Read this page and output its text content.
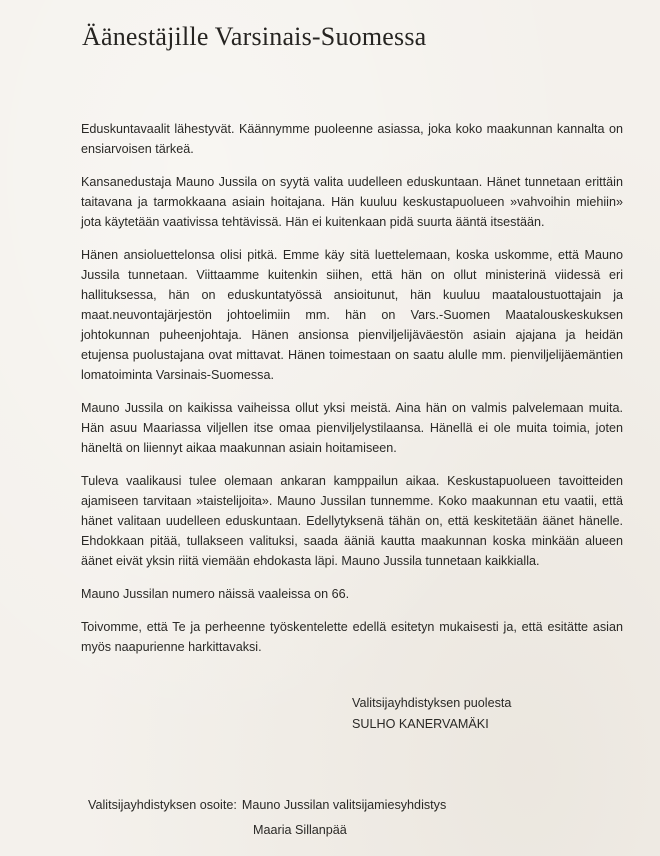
Äänestäjille Varsinais-Suomessa

Eduskuntavaalit lähestyvät. Käännymme puoleenne asiassa, joka koko maakunnan kannalta on ensiarvoisen tärkeä.

Kansanedustaja Mauno Jussila on syytä valita uudelleen eduskuntaan. Hänet tunnetaan erittäin taitavana ja tarmokkaana asiain hoitajana. Hän kuuluu keskustapuolueen »vahvoihin miehiin» jota käytetään vaativissa tehtävissä. Hän ei kuitenkaan pidä suurta ääntä itsestään.

Hänen ansioluettelonsa olisi pitkä. Emme käy sitä luettelemaan, koska uskomme, että Mauno Jussila tunnetaan. Viittaamme kuitenkin siihen, että hän on ollut ministerinä viidessä eri hallituksessa, hän on eduskuntatyössä ansioitunut, hän kuuluu maataloustuottajain ja maat.neuvontajärjestön johtoelimiin mm. hän on Vars.-Suomen Maatalouskeskuksen johtokunnan puheenjohtaja. Hänen ansionsa pienviljelijäväestön asiain ajajana ja heidän etujensa puolustajana ovat mittavat. Hänen toimestaan on saatu alulle mm. pienviljelijäemäntien lomatoiminta Varsinais-Suomessa.

Mauno Jussila on kaikissa vaiheissa ollut yksi meistä. Aina hän on valmis palvelemaan muita. Hän asuu Maariassa viljellen itse omaa pienviljelystilaansa. Hänellä ei ole muita toimia, joten häneltä on liiennyt aikaa maakunnan asiain hoitamiseen.

Tuleva vaalikausi tulee olemaan ankaran kamppailun aikaa. Keskustapuolueen tavoitteiden ajamiseen tarvitaan »taistelijoita». Mauno Jussilan tunnemme. Koko maakunnan etu vaatii, että hänet valitaan uudelleen eduskuntaan. Edellytyksenä tähän on, että keskitetään äänet hänelle. Ehdokkaan pitää, tullakseen valituksi, saada ääniä kautta maakunnan koska minkään alueen äänet eivät yksin riitä viemään ehdokasta läpi. Mauno Jussila tunnetaan kaikkialla.

Mauno Jussilan numero näissä vaaleissa on 66.

Toivomme, että Te ja perheenne työskentelette edellä esitetyn mukaisesti ja, että esitätte asian myös naapurienne harkittavaksi.

Valitsijayhdistyksen puolesta
SULHO KANERVAMÄKI
Valitsijayhdistyksen osoite: Mauno Jussilan valitsijamiesyhdistys
Maaria Sillanpää
